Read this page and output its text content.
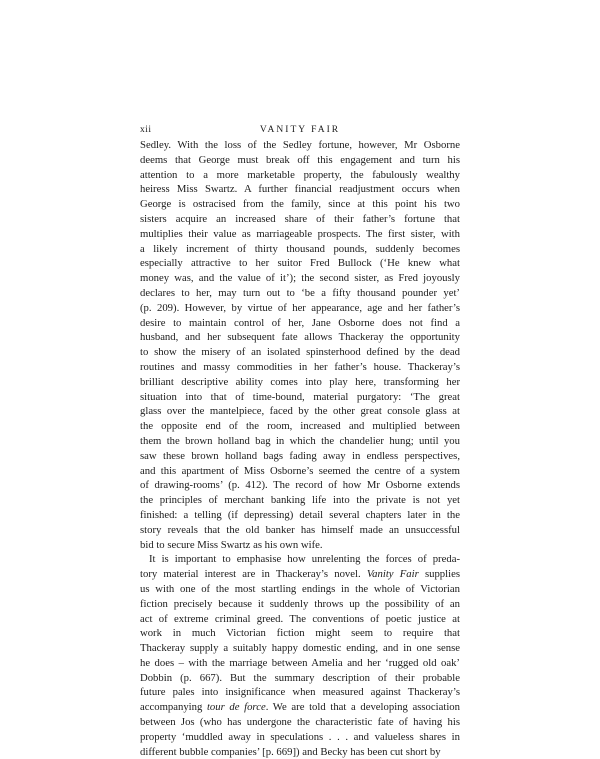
xii	VANITY FAIR
Sedley. With the loss of the Sedley fortune, however, Mr Osborne
deems that George must break off this engagement and turn his
attention to a more marketable property, the fabulously wealthy
heiress Miss Swartz. A further financial readjustment occurs when
George is ostracised from the family, since at this point his two
sisters acquire an increased share of their father’s fortune that
multiplies their value as marriageable prospects. The first sister, with
a likely increment of thirty thousand pounds, suddenly becomes
especially attractive to her suitor Fred Bullock (‘He knew what
money was, and the value of it’); the second sister, as Fred joyously
declares to her, may turn out to ‘be a fifty thousand pounder yet’
(p. 209). However, by virtue of her appearance, age and her father’s
desire to maintain control of her, Jane Osborne does not find a
husband, and her subsequent fate allows Thackeray the opportunity
to show the misery of an isolated spinsterhood defined by the dead
routines and massy commodities in her father’s house. Thackeray’s
brilliant descriptive ability comes into play here, transforming her
situation into that of time-bound, material purgatory: ‘The great
glass over the mantelpiece, faced by the other great console glass at
the opposite end of the room, increased and multiplied between
them the brown holland bag in which the chandelier hung; until you
saw these brown holland bags fading away in endless perspectives,
and this apartment of Miss Osborne’s seemed the centre of a system
of drawing-rooms’ (p. 412). The record of how Mr Osborne extends
the principles of merchant banking life into the private is not yet
finished: a telling (if depressing) detail several chapters later in the
story reveals that the old banker has himself made an unsuccessful
bid to secure Miss Swartz as his own wife.
It is important to emphasise how unrelenting the forces of preda-
tory material interest are in Thackeray’s novel. Vanity Fair supplies
us with one of the most startling endings in the whole of Victorian
fiction precisely because it suddenly throws up the possibility of an
act of extreme criminal greed. The conventions of poetic justice at
work in much Victorian fiction might seem to require that
Thackeray supply a suitably happy domestic ending, and in one sense
he does – with the marriage between Amelia and her ‘rugged old oak’
Dobbin (p. 667). But the summary description of their probable
future pales into insignificance when measured against Thackeray’s
accompanying tour de force. We are told that a developing association
between Jos (who has undergone the characteristic fate of having his
property ‘muddled away in speculations . . . and valueless shares in
different bubble companies’ [p. 669]) and Becky has been cut short by
